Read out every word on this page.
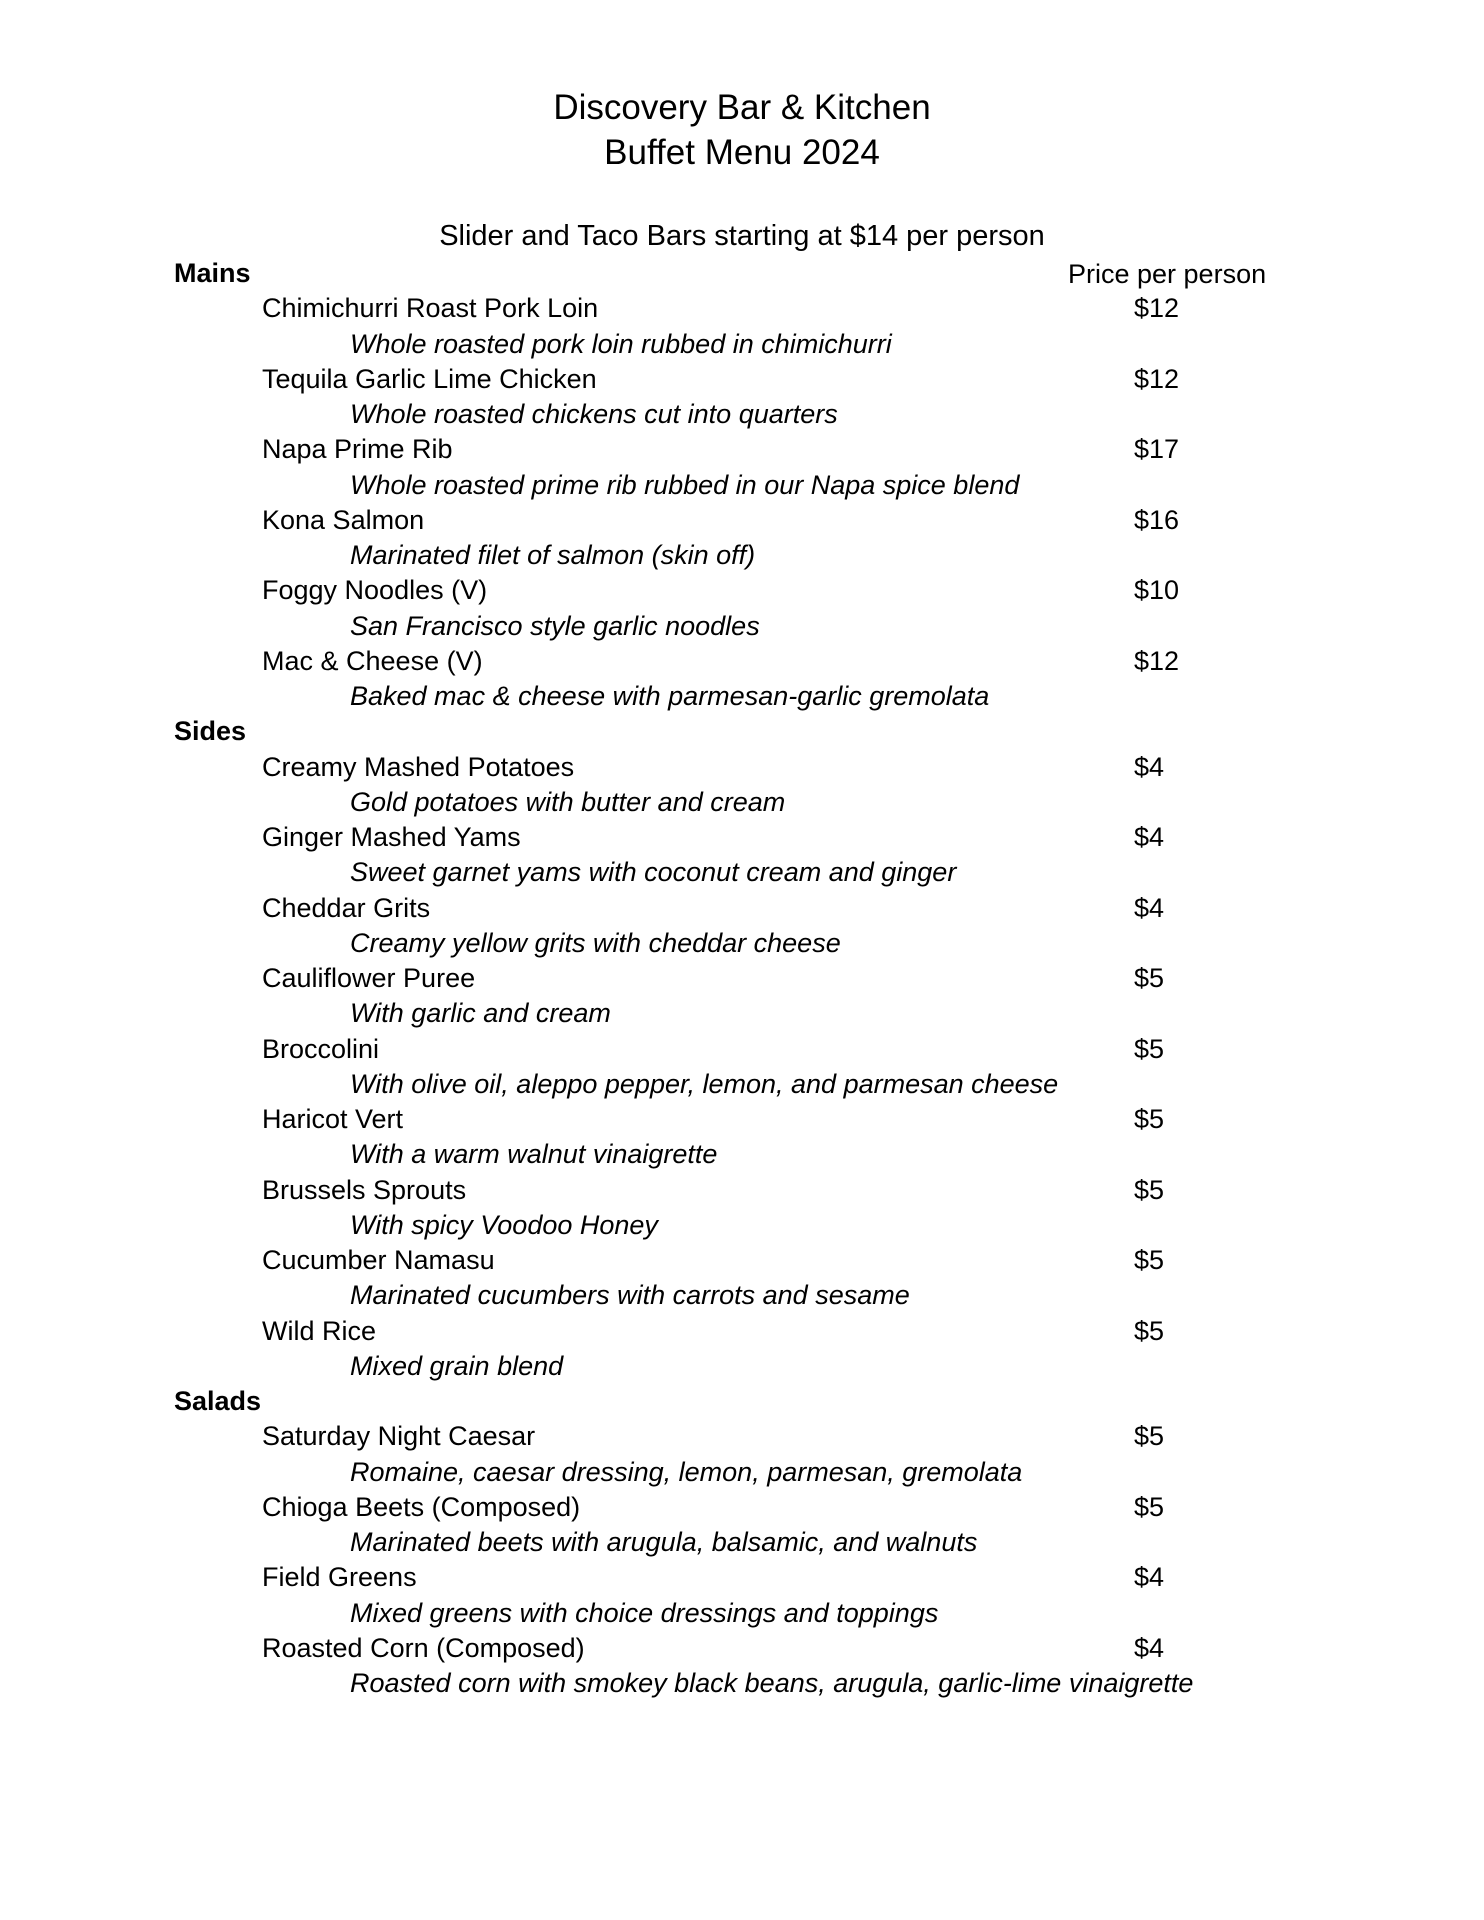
Discovery Bar & Kitchen
Buffet Menu 2024
Slider and Taco Bars starting at $14 per person
Price per person
Mains
Chimichurri Roast Pork Loin	$12
Whole roasted pork loin rubbed in chimichurri
Tequila Garlic Lime Chicken	$12
Whole roasted chickens cut into quarters
Napa Prime Rib	$17
Whole roasted prime rib rubbed in our Napa spice blend
Kona Salmon	$16
Marinated filet of salmon (skin off)
Foggy Noodles (V)	$10
San Francisco style garlic noodles
Mac & Cheese (V)	$12
Baked mac & cheese with parmesan-garlic gremolata
Sides
Creamy Mashed Potatoes	$4
Gold potatoes with butter and cream
Ginger Mashed Yams	$4
Sweet garnet yams with coconut cream and ginger
Cheddar Grits	$4
Creamy yellow grits with cheddar cheese
Cauliflower Puree	$5
With garlic and cream
Broccolini	$5
With olive oil, aleppo pepper, lemon, and parmesan cheese
Haricot Vert	$5
With a warm walnut vinaigrette
Brussels Sprouts	$5
With spicy Voodoo Honey
Cucumber Namasu	$5
Marinated cucumbers with carrots and sesame
Wild Rice	$5
Mixed grain blend
Salads
Saturday Night Caesar	$5
Romaine, caesar dressing, lemon, parmesan, gremolata
Chioga Beets (Composed)	$5
Marinated beets with arugula, balsamic, and walnuts
Field Greens	$4
Mixed greens with choice dressings and toppings
Roasted Corn (Composed)	$4
Roasted corn with smokey black beans, arugula, garlic-lime vinaigrette
